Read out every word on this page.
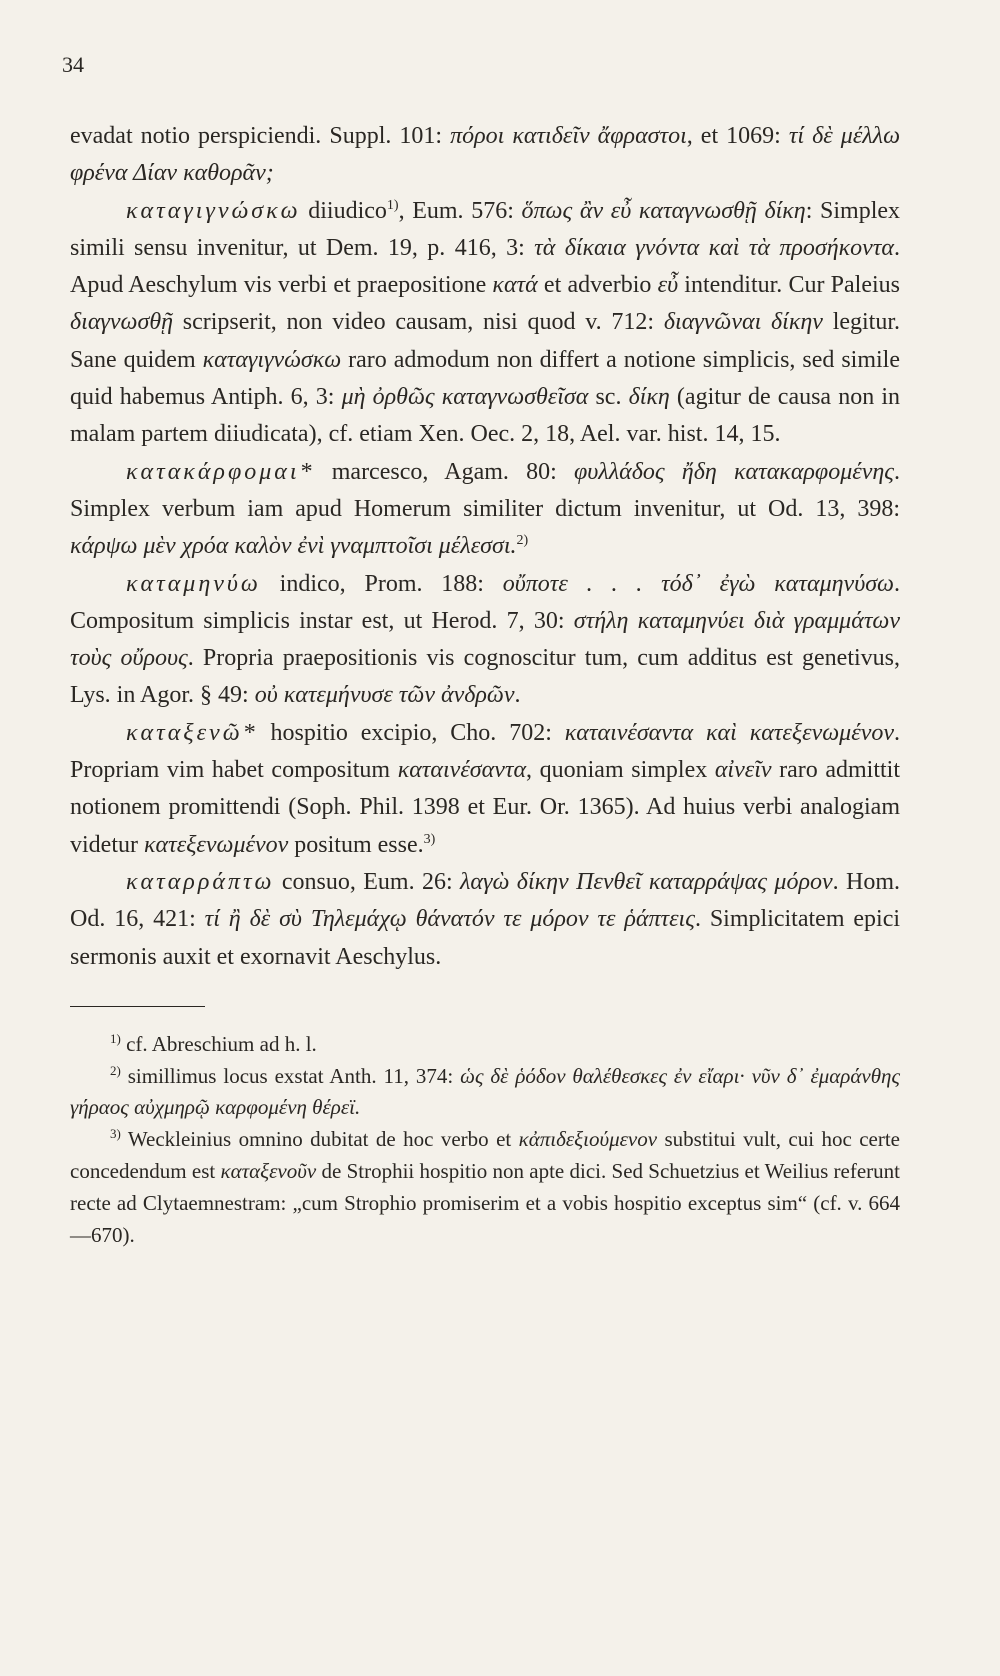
34

evadat notio perspiciendi. Suppl. 101: πόροι κατιδεῖν ἄφραστοι, et 1069: τί δὲ μέλλω φρένα Δίαν καθορᾶν;

καταγιγνώσκω diiudico$^{1)}$, Eum. 576: ὅπως ἂν εὖ καταγνωσθῇ δίκη: Simplex simili sensu invenitur, ut Dem. 19, p. 416, 3: τὰ δίκαια γνόντα καὶ τὰ προσήκοντα. Apud Aeschylum vis verbi et praepositione κατά et adverbio εὖ intenditur. Cur Paleius διαγνωσθῇ scripserit, non video causam, nisi quod v. 712: διαγνῶναι δίκην legitur. Sane quidem καταγιγνώσκω raro admodum non differt a notione simplicis, sed simile quid habemus Antiph. 6, 3: μὴ ὀρθῶς καταγνωσθεῖσα sc. δίκη (agitur de causa non in malam partem diiudicata), cf. etiam Xen. Oec. 2, 18, Ael. var. hist. 14, 15.

κατακάρφομαι* marcesco, Agam. 80: φυλλάδος ἤδη κατακαρφομένης. Simplex verbum iam apud Homerum similiter dictum invenitur, ut Od. 13, 398: κάρψω μὲν χρόα καλὸν ἐνὶ γναμπτοῖσι μέλεσσι.$^{2)}$

καταμηνύω indico, Prom. 188: οὔποτε . . . τόδ᾽ ἐγὼ καταμηνύσω. Compositum simplicis instar est, ut Herod. 7, 30: στήλη καταμηνύει διὰ γραμμάτων τοὺς οὔρους. Propria praepositionis vis cognoscitur tum, cum additus est genetivus, Lys. in Agor. § 49: οὐ κατεμήνυσε τῶν ἀνδρῶν.

καταξενῶ* hospitio excipio, Cho. 702: καταινέσαντα καὶ κατεξενωμένον. Propriam vim habet compositum καταινέσαντα, quoniam simplex αἰνεῖν raro admittit notionem promittendi (Soph. Phil. 1398 et Eur. Or. 1365). Ad huius verbi analogiam videtur κατεξενωμένον positum esse.$^{3)}$

καταρράπτω consuo, Eum. 26: λαγὼ δίκην Πενθεῖ καταρράψας μόρον. Hom. Od. 16, 421: τί ἢ δὲ σὺ Τηλεμάχῳ θάνατόν τε μόρον τε ῥάπτεις. Simplicitatem epici sermonis auxit et exornavit Aeschylus.

$^{1)}$ cf. Abreschium ad h. l.

$^{2)}$ simillimus locus exstat Anth. 11, 374: ὡς δὲ ῥόδον θαλέθεσκες ἐν εἴαρι· νῦν δ᾽ ἐμαράνθης γήραος αὐχμηρῷ καρφομένη θέρεϊ.

$^{3)}$ Weckleinius omnino dubitat de hoc verbo et κἀπιδεξιούμενον substitui vult, cui hoc certe concedendum est καταξενοῦν de Strophii hospitio non apte dici. Sed Schuetzius et Weilius referunt recte ad Clytaemnestram: „cum Strophio promiserim et a vobis hospitio exceptus sim“ (cf. v. 664—670).
